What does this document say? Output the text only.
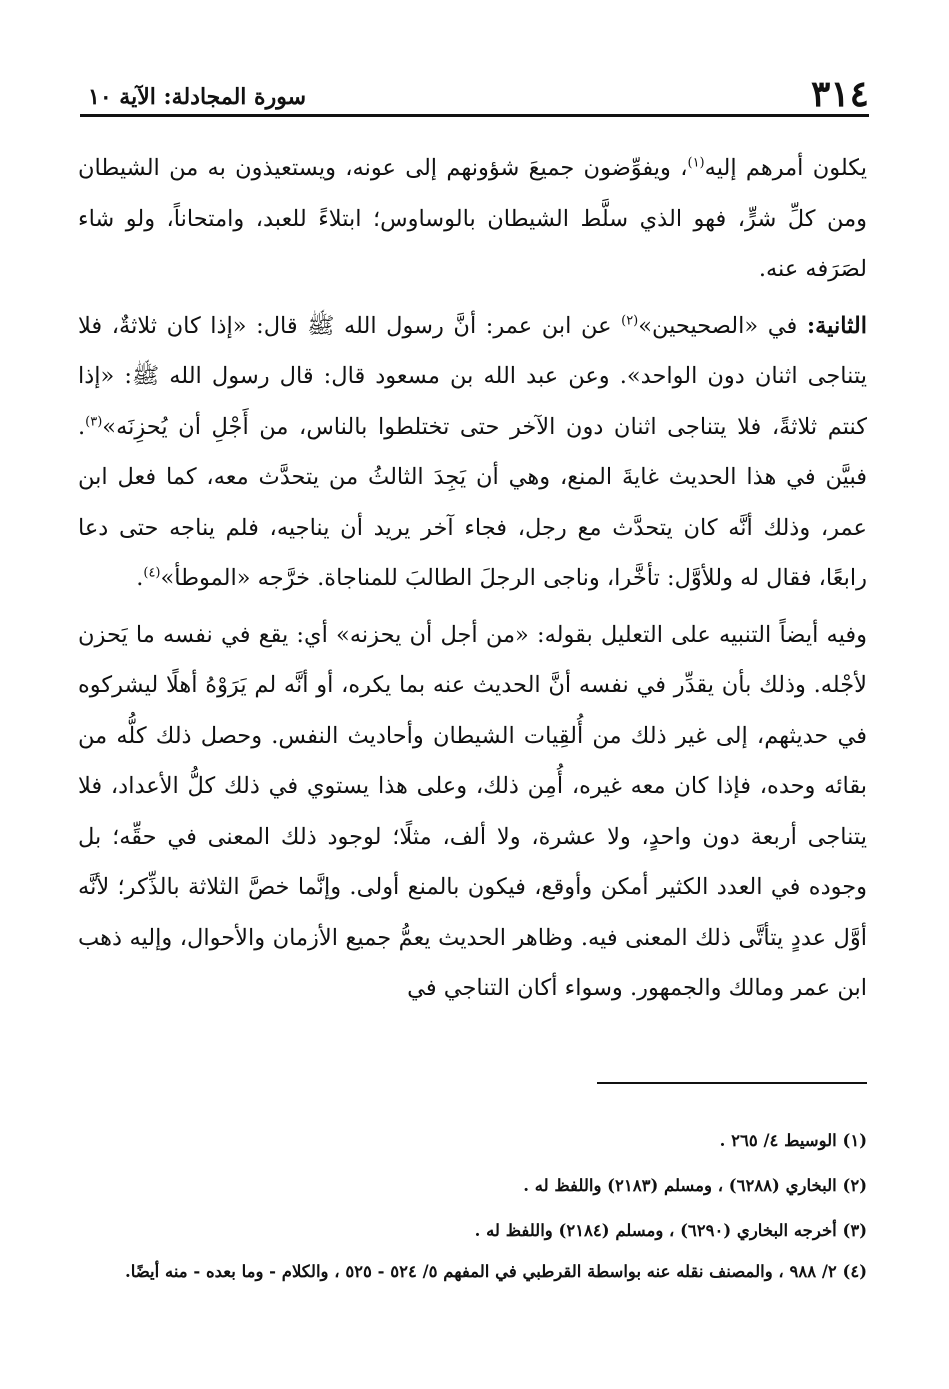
٣١٤
سورة المجادلة: الآية ١٠

يكلون أمرهم إليه$^{(١)}$، ويفوِّضون جميعَ شؤونهم إلى عونه، ويستعيذون به من الشيطان ومن كلِّ شرٍّ، فهو الذي سلَّط الشيطان بالوساوس؛ ابتلاءً للعبد، وامتحاناً، ولو شاء لصَرَفه عنه.

الثانية: في «الصحيحين»$^{(٢)}$ عن ابن عمر: أنَّ رسول الله ﷺ قال: «إذا كان ثلاثةٌ، فلا يتناجى اثنان دون الواحد». وعن عبد الله بن مسعود قال: قال رسول الله ﷺ: «إذا كنتم ثلاثةً، فلا يتناجى اثنان دون الآخر حتى تختلطوا بالناس، من أَجْلِ أن يُحزِنَه»$^{(٣)}$. فبيَّن في هذا الحديث غايةَ المنع، وهي أن يَجِدَ الثالثُ من يتحدَّث معه، كما فعل ابن عمر، وذلك أنَّه كان يتحدَّث مع رجل، فجاء آخر يريد أن يناجيه، فلم يناجه حتى دعا رابعًا، فقال له وللأوَّل: تأخَّرا، وناجى الرجلَ الطالبَ للمناجاة. خرَّجه «الموطأ»$^{(٤)}$.

وفيه أيضاً التنبيه على التعليل بقوله: «من أجل أن يحزنه» أي: يقع في نفسه ما يَحزن لأجْله. وذلك بأن يقدِّر في نفسه أنَّ الحديث عنه بما يكره، أو أنَّه لم يَرَوْهُ أهلًا ليشركوه في حديثهم، إلى غير ذلك من أُلقِيات الشيطان وأحاديث النفس. وحصل ذلك كلُّه من بقائه وحده، فإذا كان معه غيره، أُمِن ذلك، وعلى هذا يستوي في ذلك كلُّ الأعداد، فلا يتناجى أربعة دون واحدٍ، ولا عشرة، ولا ألف، مثلًا؛ لوجود ذلك المعنى في حقِّه؛ بل وجوده في العدد الكثير أمكن وأوقع، فيكون بالمنع أولى. وإنَّما خصَّ الثلاثة بالذِّكر؛ لأنَّه أوَّل عددٍ يتأتَّى ذلك المعنى فيه. وظاهر الحديث يعمُّ جميع الأزمان والأحوال، وإليه ذهب ابن عمر ومالك والجمهور. وسواء أكان التناجي في

(١) الوسيط ٤/ ٢٦٥ .

(٢) البخاري (٦٢٨٨) ، ومسلم (٢١٨٣) واللفظ له .

(٣) أخرجه البخاري (٦٢٩٠) ، ومسلم (٢١٨٤) واللفظ له .

(٤) ٢/ ٩٨٨ ، والمصنف نقله عنه بواسطة القرطبي في المفهم ٥/ ٥٢٤ - ٥٢٥ ، والكلام - وما بعده - منه أيضًا.
